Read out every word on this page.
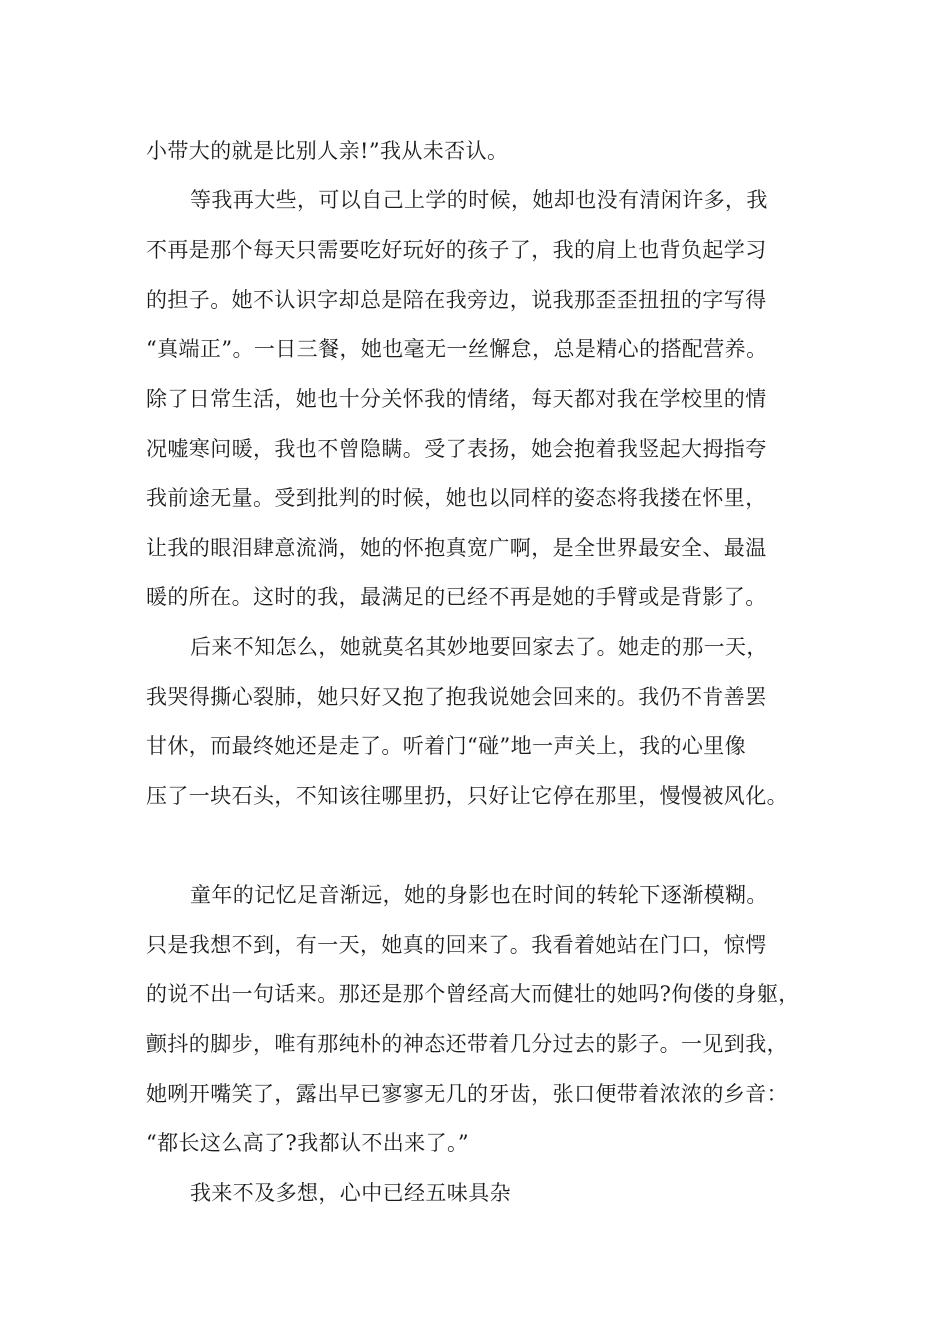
小带大的就是比别人亲!”我从未否认。
等我再大些，可以自己上学的时候，她却也没有清闲许多，我
不再是那个每天只需要吃好玩好的孩子了，我的肩上也背负起学习
的担子。她不认识字却总是陪在我旁边，说我那歪歪扭扭的字写得
“真端正”。一日三餐，她也毫无一丝懈怠，总是精心的搭配营养。
除了日常生活，她也十分关怀我的情绪，每天都对我在学校里的情
况嘘寒问暖，我也不曾隐瞒。受了表扬，她会抱着我竖起大拇指夸
我前途无量。受到批判的时候，她也以同样的姿态将我搂在怀里，
让我的眼泪肆意流淌，她的怀抱真宽广啊，是全世界最安全、最温
暖的所在。这时的我，最满足的已经不再是她的手臂或是背影了。
后来不知怎么，她就莫名其妙地要回家去了。她走的那一天，
我哭得撕心裂肺，她只好又抱了抱我说她会回来的。我仍不肯善罢
甘休，而最终她还是走了。听着门“碰”地一声关上，我的心里像
压了一块石头，不知该往哪里扔，只好让它停在那里，慢慢被风化。
童年的记忆足音渐远，她的身影也在时间的转轮下逐渐模糊。
只是我想不到，有一天，她真的回来了。我看着她站在门口，惊愕
的说不出一句话来。那还是那个曾经高大而健壮的她吗?佝偻的身躯，
颤抖的脚步，唯有那纯朴的神态还带着几分过去的影子。一见到我，
她咧开嘴笑了，露出早已寥寥无几的牙齿，张口便带着浓浓的乡音：
“都长这么高了?我都认不出来了。”
我来不及多想，心中已经五味具杂
